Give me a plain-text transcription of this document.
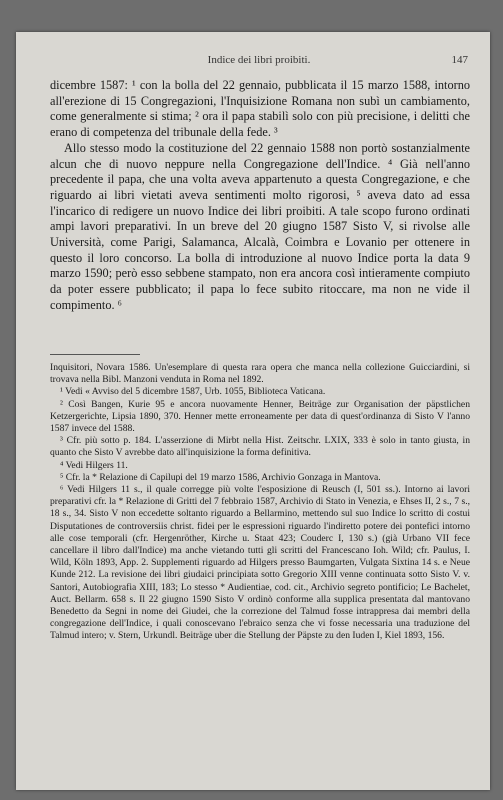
Indice dei libri proibiti.	147

dicembre 1587: ¹ con la bolla del 22 gennaio, pubblicata il 15 marzo 1588, intorno all'erezione di 15 Congregazioni, l'Inquisizione Romana non subì un cambiamento, come generalmente si stima; ² ora il papa stabilì solo con più precisione, i delitti che erano di competenza del tribunale della fede. ³

Allo stesso modo la costituzione del 22 gennaio 1588 non portò sostanzialmente alcun che di nuovo neppure nella Congregazione dell'Indice. ⁴ Già nell'anno precedente il papa, che una volta aveva appartenuto a questa Congregazione, e che riguardo ai libri vietati aveva sentimenti molto rigorosi, ⁵ aveva dato ad essa l'incarico di redigere un nuovo Indice dei libri proibiti. A tale scopo furono ordinati ampi lavori preparativi. In un breve del 20 giugno 1587 Sisto V, si rivolse alle Università, come Parigi, Salamanca, Alcalà, Coimbra e Lovanio per ottenere in questo il loro concorso. La bolla di introduzione al nuovo Indice porta la data 9 marzo 1590; però esso sebbene stampato, non era ancora così intieramente compiuto da poter essere pubblicato; il papa lo fece subito ritoccare, ma non ne vide il compimento. ⁶

Inquisitori, Novara 1586. Un'esemplare di questa rara opera che manca nella collezione Guicciardini, si trovava nella Bibl. Manzoni venduta in Roma nel 1892.

¹ Vedi « Avviso del 5 dicembre 1587, Urb. 1055, Biblioteca Vaticana.

² Così Bangen, Kurie 95 e ancora nuovamente Henner, Beiträge zur Organisation der päpstlichen Ketzergerichte, Lipsia 1890, 370. Henner mette erroneamente per data di quest'ordinanza di Sisto V l'anno 1587 invece del 1588.

³ Cfr. più sotto p. 184. L'asserzione di Mirbt nella Hist. Zeitschr. LXIX, 333 è solo in tanto giusta, in quanto che Sisto V avrebbe dato all'inquisizione la forma definitiva.

⁴ Vedi Hilgers 11.

⁵ Cfr. la * Relazione di Capilupi del 19 marzo 1586, Archivio Gonzaga in Mantova.

⁶ Vedi Hilgers 11 s., il quale corregge più volte l'esposizione di Reusch (I, 501 ss.). Intorno ai lavori preparativi cfr. la * Relazione di Gritti del 7 febbraio 1587, Archivio di Stato in Venezia, e Ehses II, 2 s., 7 s., 18 s., 34. Sisto V non eccedette soltanto riguardo a Bellarmino, mettendo sul suo Indice lo scritto di costui Disputationes de controversiis christ. fidei per le espressioni riguardo l'indiretto potere dei pontefici intorno alle cose temporali (cfr. Hergenröther, Kirche u. Staat 423; Couderc I, 130 s.) (già Urbano VII fece cancellare il libro dall'Indice) ma anche vietando tutti gli scritti del Francescano Ioh. Wild; cfr. Paulus, I. Wild, Köln 1893, App. 2. Supplementi riguardo ad Hilgers presso Baumgarten, Vulgata Sixtina 14 s. e Neue Kunde 212. La revisione dei libri giudaici principiata sotto Gregorio XIII venne continuata sotto Sisto V. v. Santori, Autobiografia XIII, 183; Lo stesso * Audientiae, cod. cit., Archivio segreto pontificio; Le Bachelet, Auct. Bellarm. 658 s. Il 22 giugno 1590 Sisto V ordinò conforme alla supplica presentata dal mantovano Benedetto da Segni in nome dei Giudei, che la correzione del Talmud fosse intrappresa dai membri della congregazione dell'Indice, i quali conoscevano l'ebraico senza che vi fosse necessaria una traduzione del Talmud intero; v. Stern, Urkundl. Beiträge uber die Stellung der Päpste zu den Iuden I, Kiel 1893, 156.
